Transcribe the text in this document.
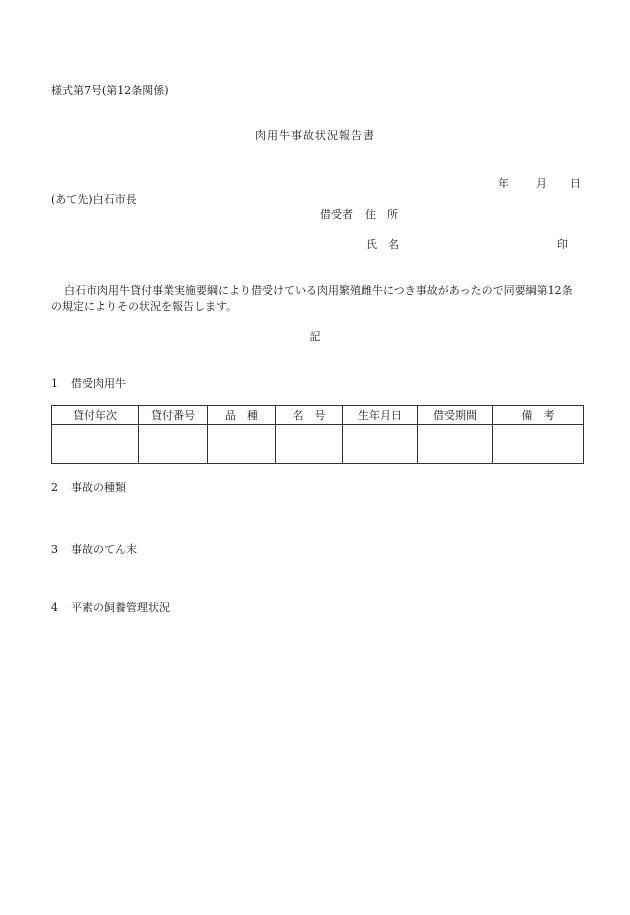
様式第7号(第12条関係)
肉用牛事故状況報告書
年 月 日
(あて先)白石市長
借受者 住　所
氏　名	印
白石市肉用牛貸付事業実施要綱により借受けている肉用繁殖雌牛につき事故があったので同要綱第12条の規定によりその状況を報告します。
記
1 借受肉用牛
貸付年次	貸付番号	品　種	名　号	生年月日	借受期間	備　考

2 事故の種類
3 事故のてん末
4 平素の飼養管理状況
